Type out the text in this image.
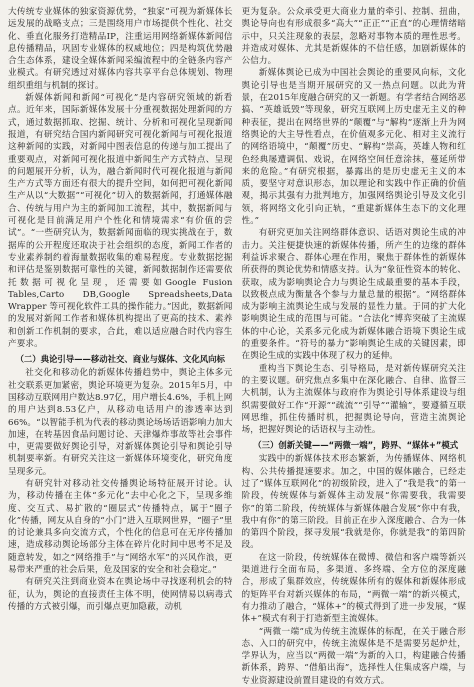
大传统专业媒体的独家资源优势，“独家”可视为新媒体长远发展的战略支点；三是围绕用户市场提供个性化、社交化、垂直化服务打造精品IP，注重运用网络新媒体新闻信息传播精品，巩固专业媒体的权威地位；四是构筑优势融合生态体系，建设全媒体新闻采编流程中的全链条内容产业模式。有研究透过对媒体内容共享平台总体规划、物理组织重组与机制的探讨。

新媒体新闻和新闻“可视化”是内容研究领域的新看点。近年来，国际新媒体发展十分重视数据处理新闻的方式，通过数据抓取、挖掘、统计、分析和可视化呈现新闻报道，有研究结合国内新闻研究可视化新闻与可视化报道这种新闻的实践，对新闻中图表信息的传递与加工提出了重要观点，对新闻可视化报道中新闻生产方式特点、呈现的问题展开分析，认为，融合新闻时代可视化报道与新闻生产方式等方面还有很大的提升空间，如何把可视化新闻生产从以“大数据”“可视化”切入的数据新闻，打通媒体融合、传统与用户为主的新闻加工流程，其中，数据新闻与可视化是目前满足用户个性化和情境需求“有价值的尝试”。“一些研究认为，数据新闻面临的现实挑战在于，数据库的公开程度还取决于社会组织的态度，新闻工作者的专业素养制约着海量数据收集的难易程度。专业数据挖掘和评估是鉴别数据可靠性的关键，新闻数据制作还需要依托数据可视化呈现，还需要如Google Fusion Tables,Carto DB,Google Spreadsheets,Data Wrapper 等可视化软件工具的操作能力。”因此，数据新闻的发展对新闻工作者和媒体机构提出了更高的技术、素养和创新工作机制的要求，合此，难以适应融合时代内容生产要求。

（二）典论引导——移动社交、商业与媒体、文化风向标

社交化和移动化的新媒体传播趋势中，舆论主体多元社交联系更加紧密，舆论环境更为复杂。2015年5月，中国移动互联网用户数达8.97亿，用户增长4.6%，手机上网的用户达到8.53亿户，从移动电话用户的渗透率达到66%。“以智能手机为代表的移动舆论场场话语影响力加大加速，在转基因食品问题讨论、天津爆炸事故等社会事件中，更需要做好舆论引导，对新媒体舆论引导和舆论引导机制要率新。有研究关注这一新媒体环境变化，研究角度呈现多元。

有研究针对移动社交传播舆论场特征展开讨论。认为，移动传播在主体“多元化”去中心化之下，呈现多维度、交互式、易扩散的“圈层式”传播特点，属于“圈子化”传播，网友从自身的“小门”进入互联网世界，“圈子”里的讨论兼具多向交流方式，个性化的信息可在无序传播加速，造成移动舆论场部分主体在碎片化时间中思考不足及随意转发，如之“网络推手”与“网络水军”的兴风作浪，更易带来严重的社会后果，危及国家的安全和社会稳定。”

有研究关注到商业资本在舆论场中寻找逐利机会的特征，认为，舆论的直接责任主体不明，使网情易以病毒式传播的方式被引爆，而引爆点更加隐蔽，动机

更为复杂。公众承受更大商业力量的牵引、控制、扭曲，舆论导向也有形成很多“高大”“正正”“正直”的心理情绪暗示中，只关注现象的表层，忽略对事物本质的理性思考。并造成对媒体、尤其是新媒体的不信任感，加剧新媒体的公信力。

新媒体舆论已成为中国社会舆论的重要风向标，文化舆论引导也是当期开展研究的又一热点问题。以此为背景，在2015年度融合研究的又一新题。有学者结合网络恶搞、“英雄诋毁”等现象，研究互联网上历史虚无主义的种种表征，提出在网络世界的“颠覆”与“解构”逐渐上升为网络舆论的大主导性看点，在价值观多元化、相对主义流行的网络语境中，“颠覆”历史、“解构”崇高，英雄人物和红色经典屡遭调侃、戏说，在网络空间任意涂抹，蔓延所带来的危险。”有研究根据，暴露出的是历史虚无主义的本质，要坚守对意识形态，加以理论和实践中作正确的价值观，揭示其强有力批判地方，加强网络舆论引导及文化引领，将网络文化引向正轨，“重建新媒体生态下的文化理性。”

有研究更加关注网络群体意识、话语对舆论生成的冲击力。关注便捷快速的新媒体传播，所产生的边缘的群体利益诉求聚合、群体心理在作用，聚焦于群体性的新媒体所获得的舆论优势和情感支持。认为“象征性资本的转化、获取，成为影响舆论合力与舆论生成最重要的基本手段，以致极点成为衡量各个参与力量总量的根据”。“网络群体成为影响主流舆论生成与发展的显性力量。于同的扩大化影响舆论生成的范围与可能。“合法化”博弈突破了主流媒体的中心论，关系多元化成为新媒体融合语境下舆论生成的重要条件。“符号的暴力”影响舆论生成的关键因素，即在舆论生成的实践中体现了权力的延伸。

重构当下舆论生态、引导格局，是对新传媒研究关注的主要议题。研究焦点多集中在深化融合、自律、监督三大机制，认为主流媒体与政府作为舆论引导体系建设与组织需要做好工作“开源”“疏流”“引导”“灌输”，要遵循互联网思维，抓住传播时机，把握舆论导向，营造主流舆论场，把握好舆论的话语权与主动性。

（三）创新关键——“两微一端”，跨界、“媒体+”模式

实践中的新媒体技术形态繁新，为传播媒体、网络机构、公共传播提速要求。加之，中国的媒体融合，已经走过了“媒体互联网化”的初级阶段，进入了“我是我”的第一阶段，传统媒体与新媒体主动发展“你需要我，我需要你”的第二阶段，传统媒体与新媒体融合发展“你中有我，我中有你”的第三阶段。目前正在步入深度融合、合为一体的第四个阶段，探寻发展“我就是你，你就是我”的第四阶段。

在这一阶段，传统媒体在微博、微信和客户端等新兴渠道进行全面布局，多渠道、多终端、全方位的深度融合，形成了集群效应，传统媒体所有的媒体和新媒体形成的矩阵平台对新兴媒体的布局，“两微一端”的新兴模式，有力推动了融合，“媒体+”的模式得到了进一步发展，“媒体+”模式有利于打造新型主流媒体。

“两微一端”成为传统主流媒体的标配，在关于融合形态、入口的研究中，传统主流媒体是不是需要另起炉灶，学界认为，应当以“两微一端”为新的入口，构建融合传播新体系，跨界、“借船出海”，选择性人住集成客户端，与专业资源建设前置目建设的有效方式。
